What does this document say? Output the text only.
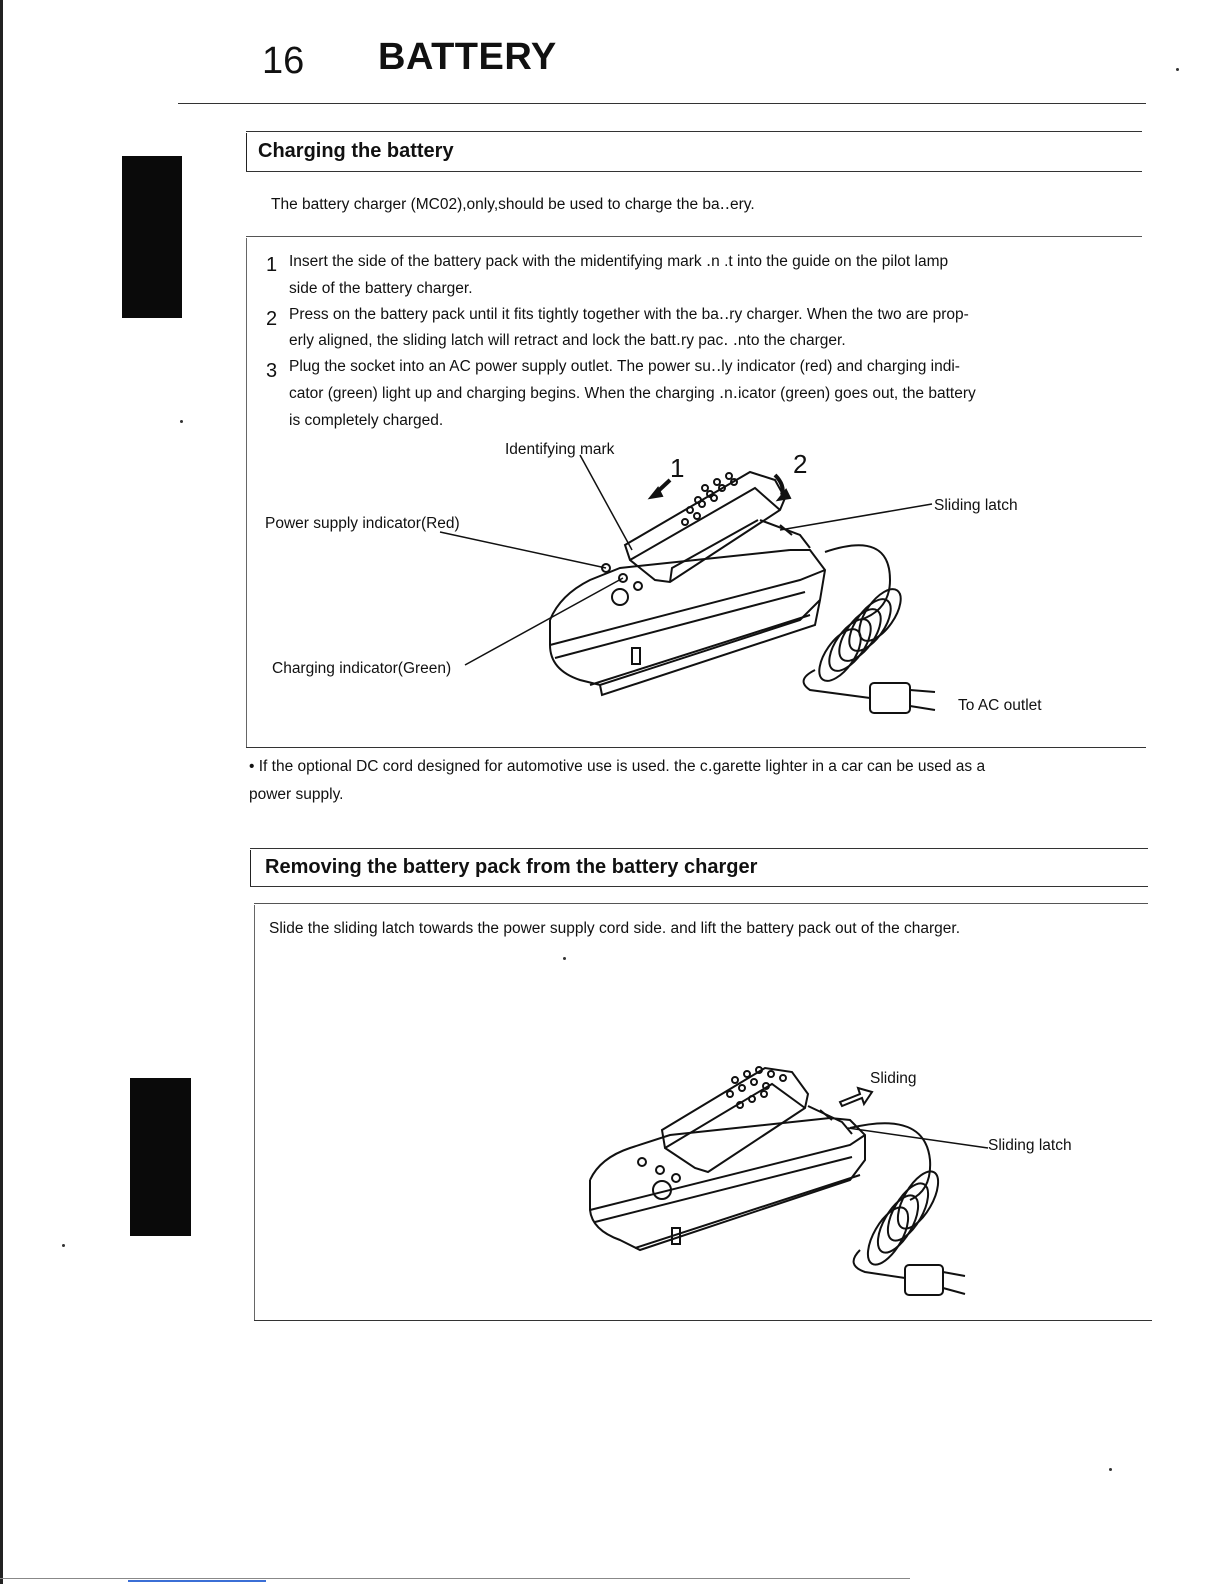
16 BATTERY
Charging the battery
The battery charger (MC02),only,should be used to charge the ba․․ery.
1 Insert the side of the battery pack with the midentifying mark ․n .t into the guide on the pilot lamp
side of the battery charger.
2 Press on the battery pack until it fits tightly together with the ba․․ry charger. When the two are prop-
erly aligned, the sliding latch will retract and lock the batt․ry pac․ ․nto the charger.
3 Plug the socket into an AC power supply outlet. The power su․․ly indicator (red) and charging indi-
cator (green) light up and charging begins. When the charging ․n․icator (green) goes out, the battery
is completely charged.
Identifying mark
1	2
Power supply indicator(Red)
Sliding latch
Charging indicator(Green)
To AC outlet
• If the optional DC cord designed for automotive use is used. the c․garette lighter in a car can be used as a
power supply.
Removing the battery pack from the battery charger
Slide the sliding latch towards the power supply cord side. and lift the battery pack out of the charger.
Sliding
Sliding latch
